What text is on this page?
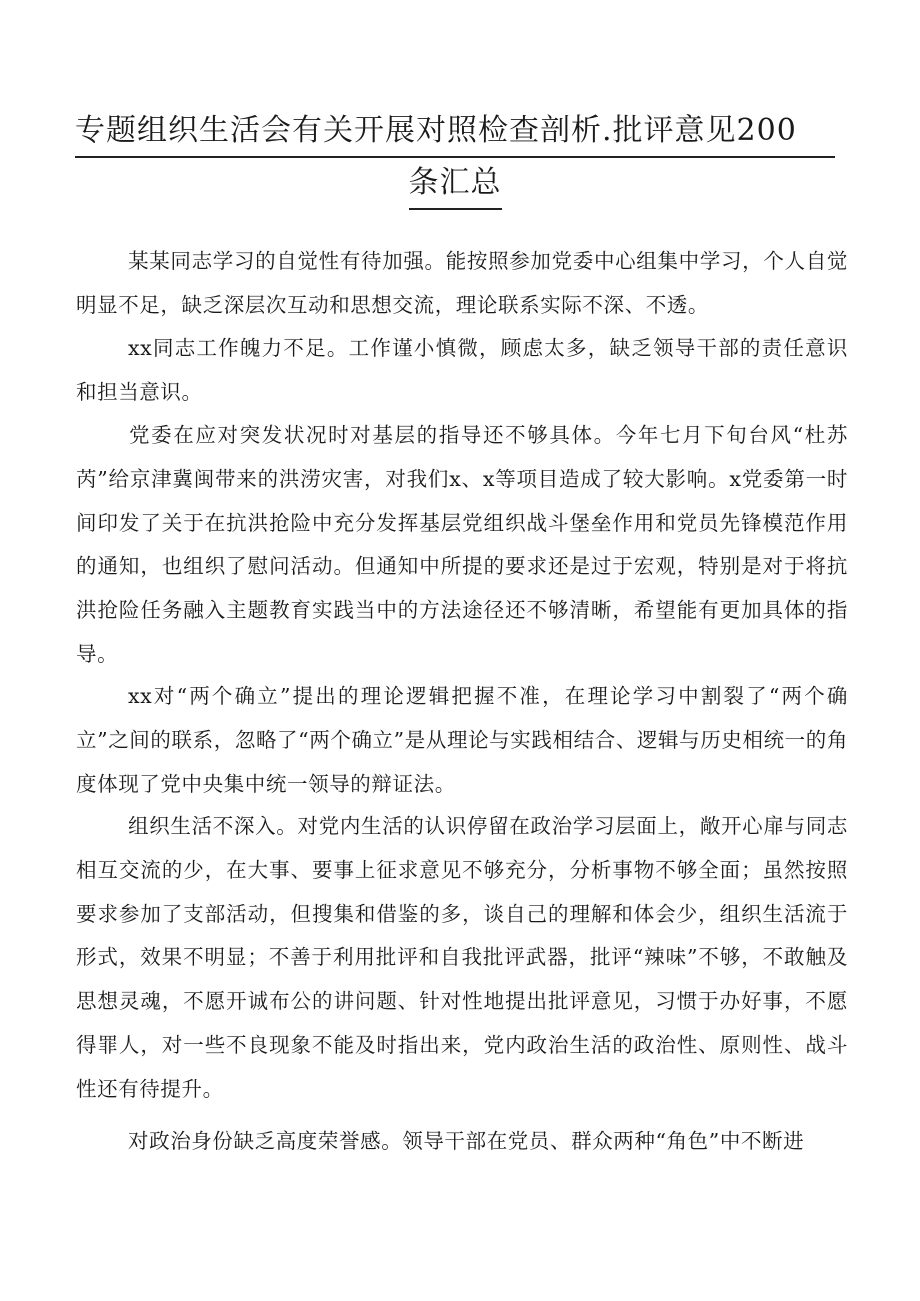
专题组织生活会有关开展对照检查剖析.批评意见200
条汇总
某某同志学习的自觉性有待加强。能按照参加党委中心组集中学习，个人自觉明显不足，缺乏深层次互动和思想交流，理论联系实际不深、不透。
xx同志工作魄力不足。工作谨小慎微，顾虑太多，缺乏领导干部的责任意识和担当意识。
党委在应对突发状况时对基层的指导还不够具体。今年七月下旬台风“杜苏芮”给京津冀闽带来的洪涝灾害，对我们x、x等项目造成了较大影响。x党委第一时间印发了关于在抗洪抢险中充分发挥基层党组织战斗堡垒作用和党员先锋模范作用的通知，也组织了慰问活动。但通知中所提的要求还是过于宏观，特别是对于将抗洪抢险任务融入主题教育实践当中的方法途径还不够清晰，希望能有更加具体的指导。
xx对“两个确立”提出的理论逻辑把握不准，在理论学习中割裂了“两个确立”之间的联系，忽略了“两个确立”是从理论与实践相结合、逻辑与历史相统一的角度体现了党中央集中统一领导的辩证法。
组织生活不深入。对党内生活的认识停留在政治学习层面上，敞开心扉与同志相互交流的少，在大事、要事上征求意见不够充分，分析事物不够全面；虽然按照要求参加了支部活动，但搜集和借鉴的多，谈自己的理解和体会少，组织生活流于形式，效果不明显；不善于利用批评和自我批评武器，批评“辣味”不够，不敢触及思想灵魂，不愿开诚布公的讲问题、针对性地提出批评意见，习惯于办好事，不愿得罪人，对一些不良现象不能及时指出来，党内政治生活的政治性、原则性、战斗性还有待提升。
对政治身份缺乏高度荣誉感。领导干部在党员、群众两种“角色”中不断进
